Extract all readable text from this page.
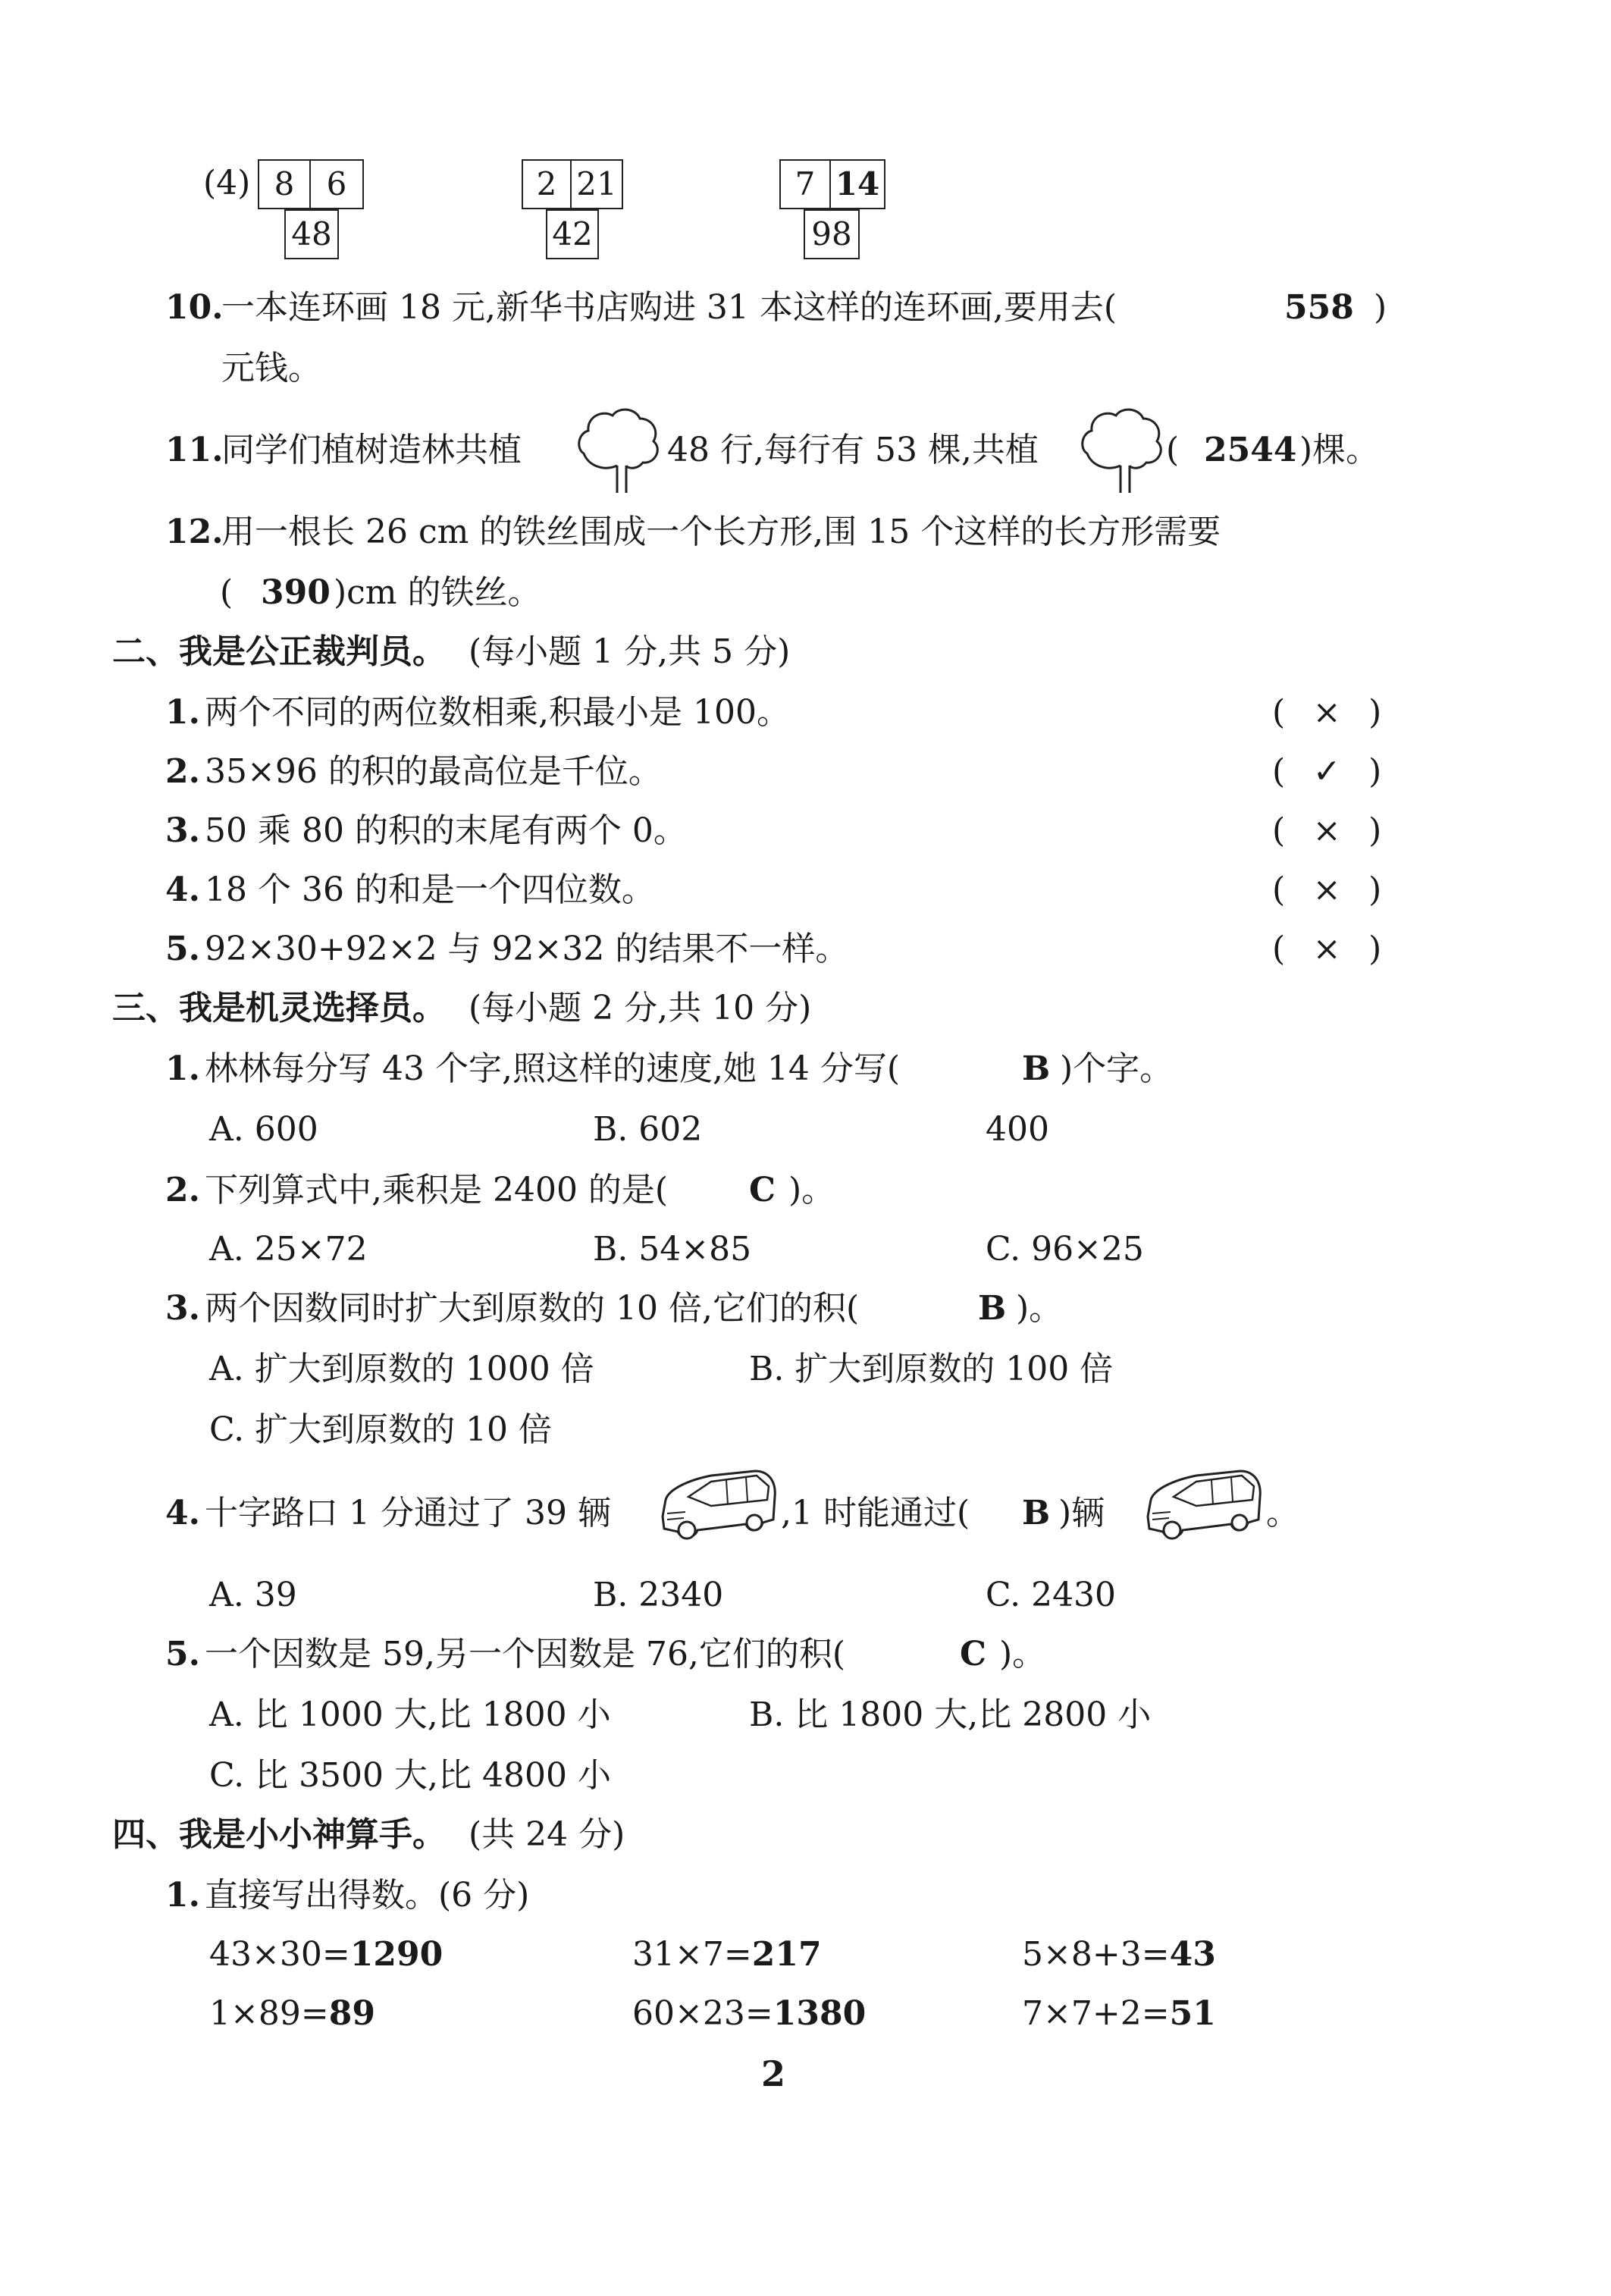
(4) 8	6
48
2 21
42
7 14
98
10.
一本连环画 18 元,新华书店购进 31 本这样的连环画,要用去(	558 )
元钱。
11.
同学们植树造林共植	48 行,每行有 53 棵,共植	( 2544 )棵。
12.
用一根长 26 cm 的铁丝围成一个长方形,围 15 个这样的长方形需要
( 390 )cm 的铁丝。
二、我是公正裁判员。 (每小题 1 分,共 5 分)
1. 两个不同的两位数相乘,积最小是 100。	( × )
2. 35×96 的积的最高位是千位。	( ✓ )
3. 50 乘 80 的积的末尾有两个 0。	( × )
4. 18 个 36 的和是一个四位数。	( × )
5. 92×30+92×2 与 92×32 的结果不一样。	( × )
三、我是机灵选择员。 (每小题 2 分,共 10 分)
1. 林林每分写 43 个字,照这样的速度,她 14 分写(	B )个字。
A. 600	B. 602	400
2. 下列算式中,乘积是 2400 的是( C )。
A. 25×72	B. 54×85	C. 96×25
3. 两个因数同时扩大到原数的 10 倍,它们的积(	B )。
A. 扩大到原数的 1000 倍	B. 扩大到原数的 100 倍
C. 扩大到原数的 10 倍
4. 十字路口 1 分通过了 39 辆	,1 时能通过( B )辆	。
A. 39	B. 2340	C. 2430
5. 一个因数是 59,另一个因数是 76,它们的积(	C )。
A. 比 1000 大,比 1800 小	B. 比 1800 大,比 2800 小
C. 比 3500 大,比 4800 小
四、我是小小神算手。 (共 24 分)
1. 直接写出得数。(6 分)
43×30=1290	31×7=217	5×8+3=43
1×89=89	60×23=1380	7×7+2=51
2
